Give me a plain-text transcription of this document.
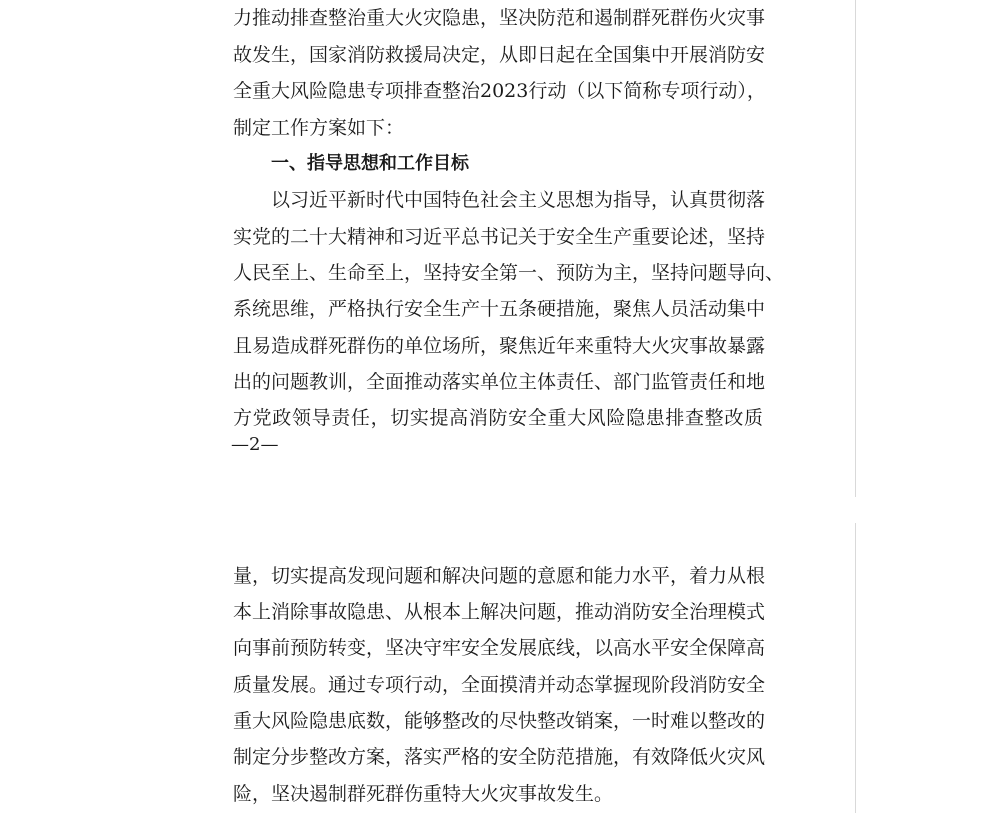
力推动排查整治重大火灾隐患，坚决防范和遏制群死群伤火灾事
故发生，国家消防救援局决定，从即日起在全国集中开展消防安
全重大风险隐患专项排查整治2023行动（以下简称专项行动），
制定工作方案如下：
一、指导思想和工作目标
以习近平新时代中国特色社会主义思想为指导，认真贯彻落
实党的二十大精神和习近平总书记关于安全生产重要论述，坚持
人民至上、生命至上，坚持安全第一、预防为主，坚持问题导向、
系统思维，严格执行安全生产十五条硬措施，聚焦人员活动集中
且易造成群死群伤的单位场所，聚焦近年来重特大火灾事故暴露
出的问题教训，全面推动落实单位主体责任、部门监管责任和地
方党政领导责任，切实提高消防安全重大风险隐患排查整改质
—2—
量，切实提高发现问题和解决问题的意愿和能力水平，着力从根
本上消除事故隐患、从根本上解决问题，推动消防安全治理模式
向事前预防转变，坚决守牢安全发展底线，以高水平安全保障高
质量发展。通过专项行动，全面摸清并动态掌握现阶段消防安全
重大风险隐患底数，能够整改的尽快整改销案，一时难以整改的
制定分步整改方案，落实严格的安全防范措施，有效降低火灾风
险，坚决遏制群死群伤重特大火灾事故发生。
